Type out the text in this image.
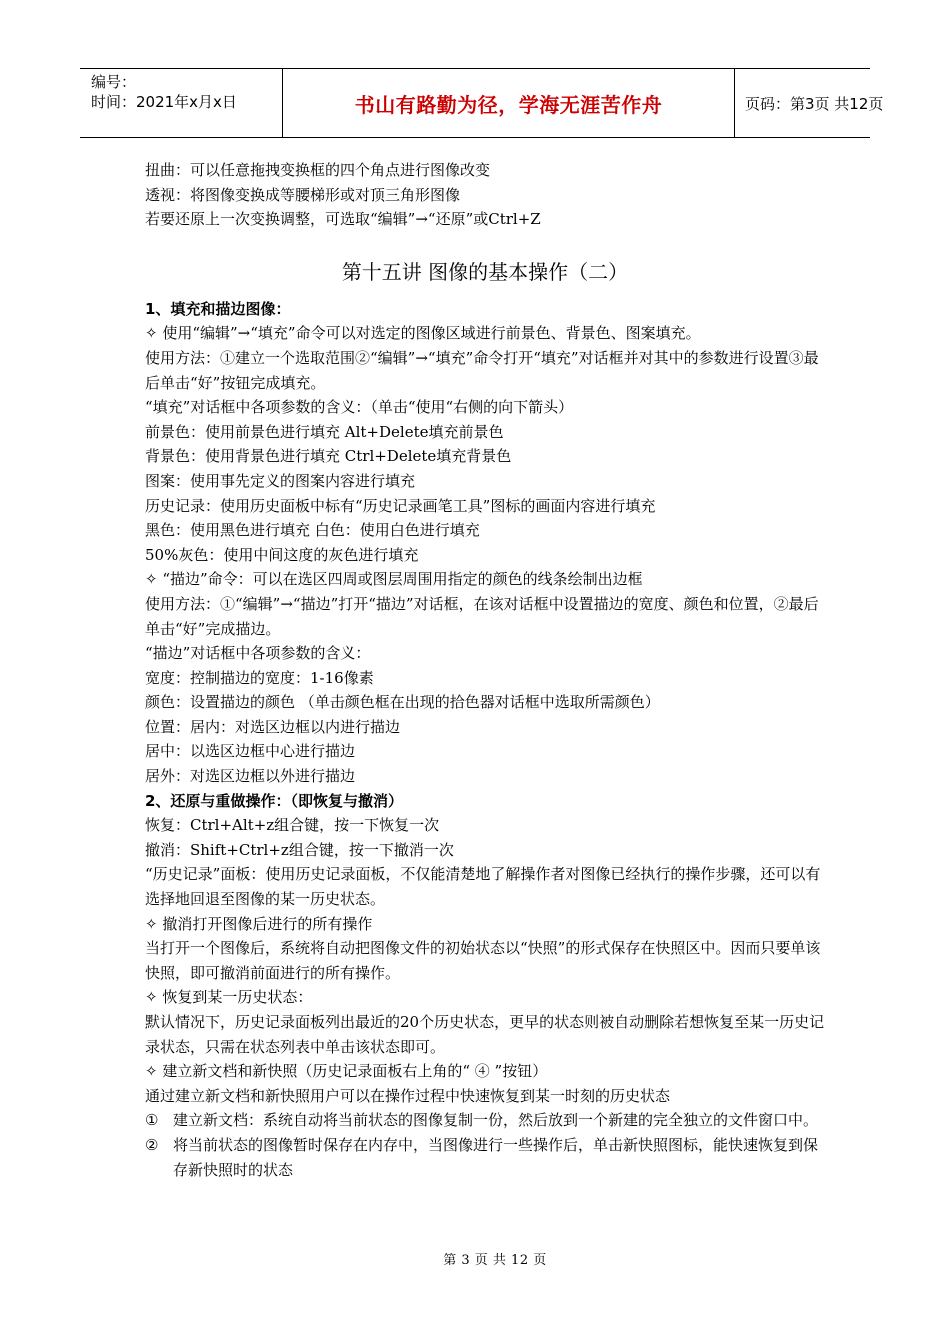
编号：
时间：2021年x月x日	书山有路勤为径，学海无涯苦作舟	页码：第3页 共12页
扭曲：可以任意拖拽变换框的四个角点进行图像改变
透视：将图像变换成等腰梯形或对顶三角形图像
若要还原上一次变换调整，可选取“编辑”→“还原”或Ctrl+Z
第十五讲 图像的基本操作（二）
1、填充和描边图像：
✧ 使用“编辑”→“填充”命令可以对选定的图像区域进行前景色、背景色、图案填充。
使用方法：①建立一个选取范围②“编辑”→“填充”命令打开“填充”对话框并对其中的参数进行设置③最后单击“好”按钮完成填充。
“填充”对话框中各项参数的含义：（单击“使用“右侧的向下箭头）
前景色：使用前景色进行填充 Alt+Delete填充前景色
背景色：使用背景色进行填充 Ctrl+Delete填充背景色
图案：使用事先定义的图案内容进行填充
历史记录：使用历史面板中标有“历史记录画笔工具”图标的画面内容进行填充
黑色：使用黑色进行填充 白色：使用白色进行填充
50%灰色：使用中间这度的灰色进行填充
✧ “描边”命令：可以在选区四周或图层周围用指定的颜色的线条绘制出边框
使用方法：①“编辑”→“描边”打开“描边”对话框，在该对话框中设置描边的宽度、颜色和位置，②最后单击“好”完成描边。
“描边”对话框中各项参数的含义：
宽度：控制描边的宽度：1-16像素
颜色：设置描边的颜色 （单击颜色框在出现的拾色器对话框中选取所需颜色）
位置：居内：对选区边框以内进行描边
居中：以选区边框中心进行描边
居外：对选区边框以外进行描边
2、还原与重做操作：（即恢复与撤消）
恢复：Ctrl+Alt+z组合键，按一下恢复一次
撤消：Shift+Ctrl+z组合键，按一下撤消一次
“历史记录”面板：使用历史记录面板，不仅能清楚地了解操作者对图像已经执行的操作步骤，还可以有选择地回退至图像的某一历史状态。
✧ 撤消打开图像后进行的所有操作
当打开一个图像后，系统将自动把图像文件的初始状态以“快照”的形式保存在快照区中。因而只要单该快照，即可撤消前面进行的所有操作。
✧ 恢复到某一历史状态：
默认情况下，历史记录面板列出最近的20个历史状态，更早的状态则被自动删除若想恢复至某一历史记录状态，只需在状态列表中单击该状态即可。
✧ 建立新文档和新快照（历史记录面板右上角的“ ④ ”按钮）
通过建立新文档和新快照用户可以在操作过程中快速恢复到某一时刻的历史状态
① 建立新文档：系统自动将当前状态的图像复制一份，然后放到一个新建的完全独立的文件窗口中。
② 将当前状态的图像暂时保存在内存中，当图像进行一些操作后，单击新快照图标，能快速恢复到保存新快照时的状态
第 3 页 共 12 页
